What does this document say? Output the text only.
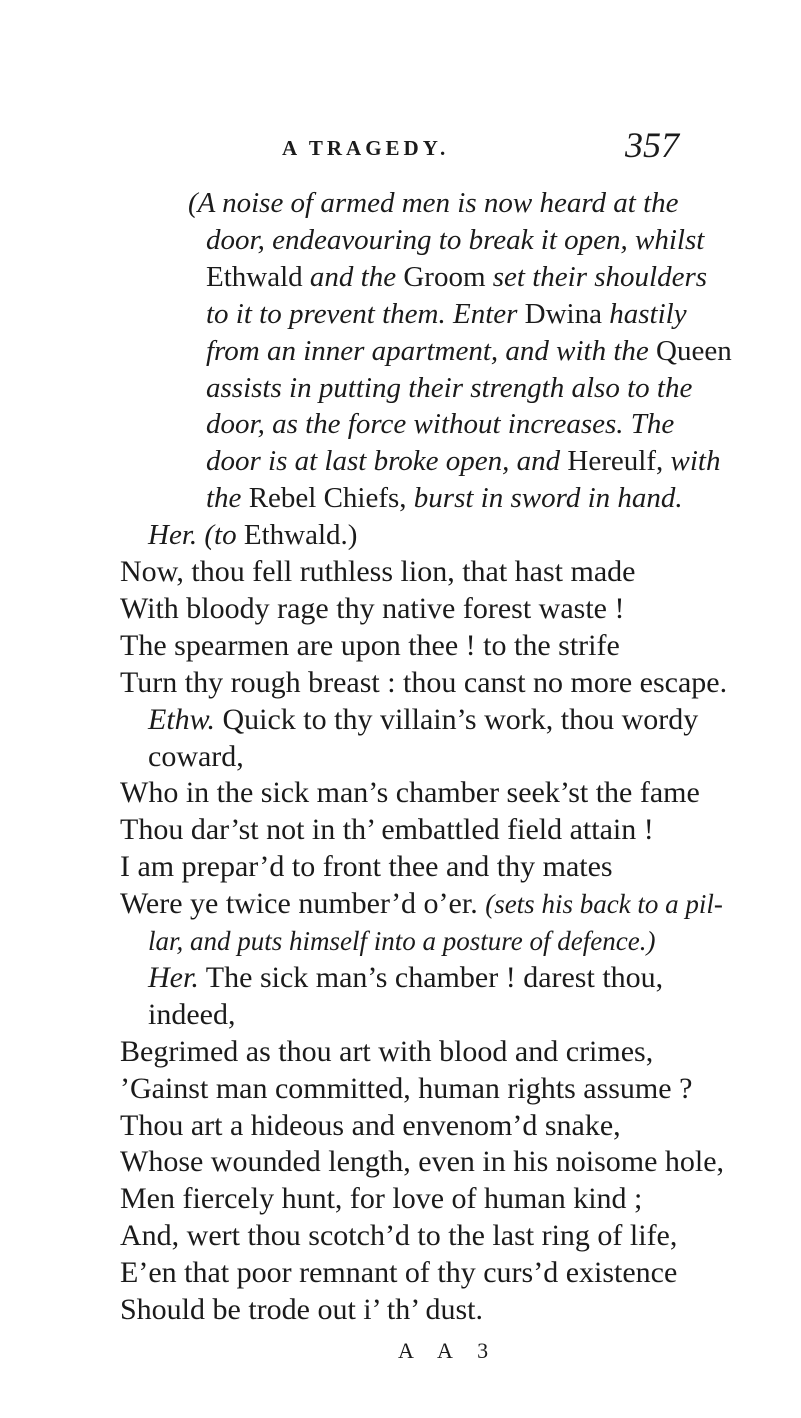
A TRAGEDY.	357
(A noise of armed men is now heard at the
door, endeavouring to break it open, whilst
Ethwald and the Groom set their shoulders
to it to prevent them. Enter Dwina hastily
from an inner apartment, and with the Queen
assists in putting their strength also to the
door, as the force without increases. The
door is at last broke open, and Hereulf, with
the Rebel Chiefs, burst in sword in hand.
Her. (to Ethwald.)
Now, thou fell ruthless lion, that hast made
With bloody rage thy native forest waste !
The spearmen are upon thee ! to the strife
Turn thy rough breast : thou canst no more escape.
Ethw. Quick to thy villain’s work, thou wordy
coward,
Who in the sick man’s chamber seek’st the fame
Thou dar’st not in th’ embattled field attain !
I am prepar’d to front thee and thy mates
Were ye twice number’d o’er. (sets his back to a pil-
lar, and puts himself into a posture of defence.)
Her. The sick man’s chamber ! darest thou,
indeed,
Begrimed as thou art with blood and crimes,
’Gainst man committed, human rights assume ?
Thou art a hideous and envenom’d snake,
Whose wounded length, even in his noisome hole,
Men fiercely hunt, for love of human kind ;
And, wert thou scotch’d to the last ring of life,
E’en that poor remnant of thy curs’d existence
Should be trode out i’ th’ dust.
A A 3
